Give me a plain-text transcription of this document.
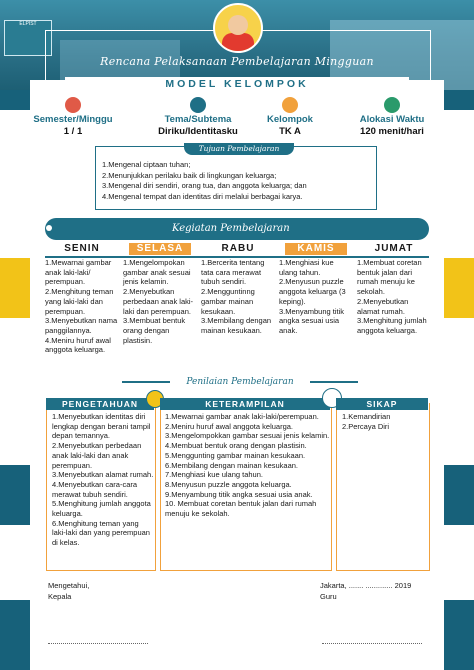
ELPIST
Rencana Pelaksanaan Pembelajaran Mingguan
MODEL KELOMPOK
Semester/Minggu
1 / 1
Tema/Subtema
Diriku/Identitasku
Kelompok
TK A
Alokasi Waktu
120 menit/hari
Tujuan Pembelajaran
1.Mengenal ciptaan tuhan;
2.Menunjukkan perilaku baik di lingkungan keluarga;
3.Mengenal diri sendiri, orang tua, dan anggota keluarga; dan
4.Mengenal tempat dan identitas diri melalui berbagai karya.
Kegiatan Pembelajaran
SENIN

1.Mewarnai gambar anak laki-laki/ perempuan.

2.Menghitung teman yang laki-laki dan perempuan.

3.Menyebutkan nama panggilannya.

4.Meniru huruf awal anggota keluarga.

SELASA

1.Mengelompokan gambar anak sesuai jenis kelamin.

2.Menyebutkan perbedaan anak laki-laki dan perempuan.

3.Membuat bentuk orang dengan plastisin.

RABU

1.Bercerita tentang tata cara merawat tubuh sendiri.

2.Mengguntinng gambar mainan kesukaan.

3.Membilang dengan mainan kesukaan.

KAMIS

1.Menghiasi kue ulang tahun.

2.Menyusun puzzle anggota keluarga (3 keping).

3.Menyambung titik angka sesuai usia anak.

JUMAT

1.Membuat coretan bentuk jalan dari rumah menuju ke sekolah.

2.Menyebutkan alamat rumah.

3.Menghitung jumlah anggota keluarga.

Penilaian Pembelajaran
PENGETAHUAN

1.Menyebutkan identitas diri lengkap dengan berani tampil depan temannya.

2.Menyebutkan perbedaan anak laki-laki dan anak perempuan.

3.Menyebutkan alamat rumah.

4.Menyebutkan cara-cara merawat tubuh sendiri.

5.Menghitung jumlah anggota keluarga.

6.Menghitung teman yang laki-laki dan yang perempuan di kelas.

KETERAMPILAN

1.Mewarnai gambar anak laki-laki/perempuan.

2.Meniru huruf awal anggota keluarga.

3.Mengelompokkan gambar sesuai jenis kelamin.

4.Membuat bentuk orang dengan plastisin.

5.Menggunting gambar mainan kesukaan.

6.Membilang dengan mainan kesukaan.

7.Menghiasi kue ulang tahun.

8.Menyusun puzzle anggota keluarga.

9.Menyambung titik angka sesuai usia anak.

10. Membuat coretan bentuk jalan dari rumah menuju ke sekolah.

SIKAP

1.Kemandirian

2.Percaya Diri

Mengetahui,
Kepala
Jakarta, ....... ............. 2019
Guru
NIP.	NIP.
